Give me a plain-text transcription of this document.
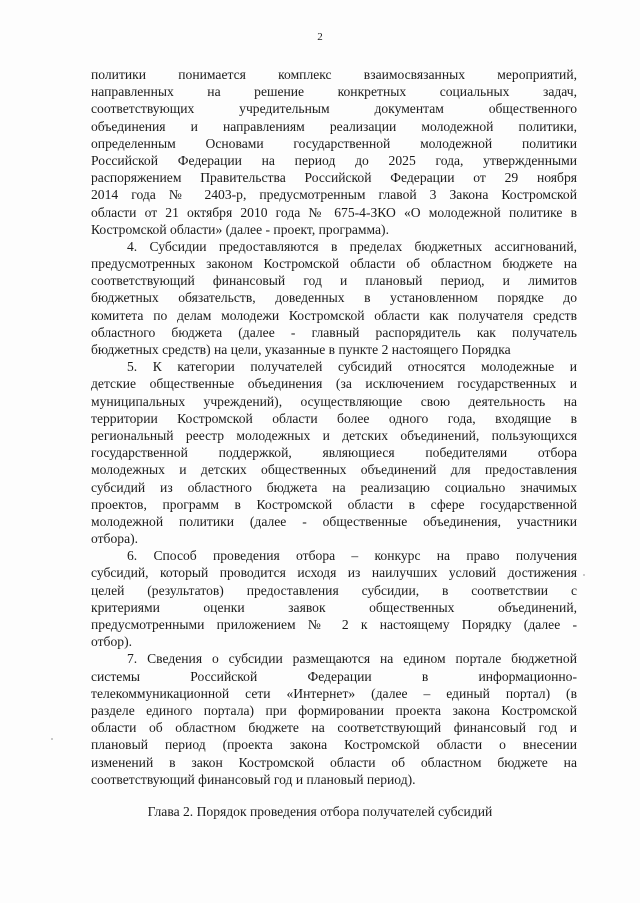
2

политики понимается комплекс взаимосвязанных мероприятий,
направленных на решение конкретных социальных задач,
соответствующих учредительным документам общественного
объединения и направлениям реализации молодежной политики,
определенным Основами государственной молодежной политики
Российской Федерации на период до 2025 года, утвержденными
распоряжением Правительства Российской Федерации от 29 ноября
2014 года № 2403-р, предусмотренным главой 3 Закона Костромской
области от 21 октября 2010 года № 675-4-ЗКО «О молодежной политике в
Костромской области» (далее - проект, программа).

4. Субсидии предоставляются в пределах бюджетных ассигнований,
предусмотренных законом Костромской области об областном бюджете на
соответствующий финансовый год и плановый период, и лимитов
бюджетных обязательств, доведенных в установленном порядке до
комитета по делам молодежи Костромской области как получателя средств
областного бюджета (далее - главный распорядитель как получатель
бюджетных средств) на цели, указанные в пункте 2 настоящего Порядка

5. К категории получателей субсидий относятся молодежные и
детские общественные объединения (за исключением государственных и
муниципальных учреждений), осуществляющие свою деятельность на
территории Костромской области более одного года, входящие в
региональный реестр молодежных и детских объединений, пользующихся
государственной поддержкой, являющиеся победителями отбора
молодежных и детских общественных объединений для предоставления
субсидий из областного бюджета на реализацию социально значимых
проектов, программ в Костромской области в сфере государственной
молодежной политики (далее - общественные объединения, участники
отбора).

6. Способ проведения отбора – конкурс на право получения
субсидий, который проводится исходя из наилучших условий достижения
целей (результатов) предоставления субсидии, в соответствии с
критериями оценки заявок общественных объединений,
предусмотренными приложением № 2 к настоящему Порядку (далее -
отбор).

7. Сведения о субсидии размещаются на едином портале бюджетной
системы Российской Федерации в информационно-
телекоммуникационной сети «Интернет» (далее – единый портал) (в
разделе единого портала) при формировании проекта закона Костромской
области об областном бюджете на соответствующий финансовый год и
плановый период (проекта закона Костромской области о внесении
изменений в закон Костромской области об областном бюджете на
соответствующий финансовый год и плановый период).

Глава 2. Порядок проведения отбора получателей субсидий
